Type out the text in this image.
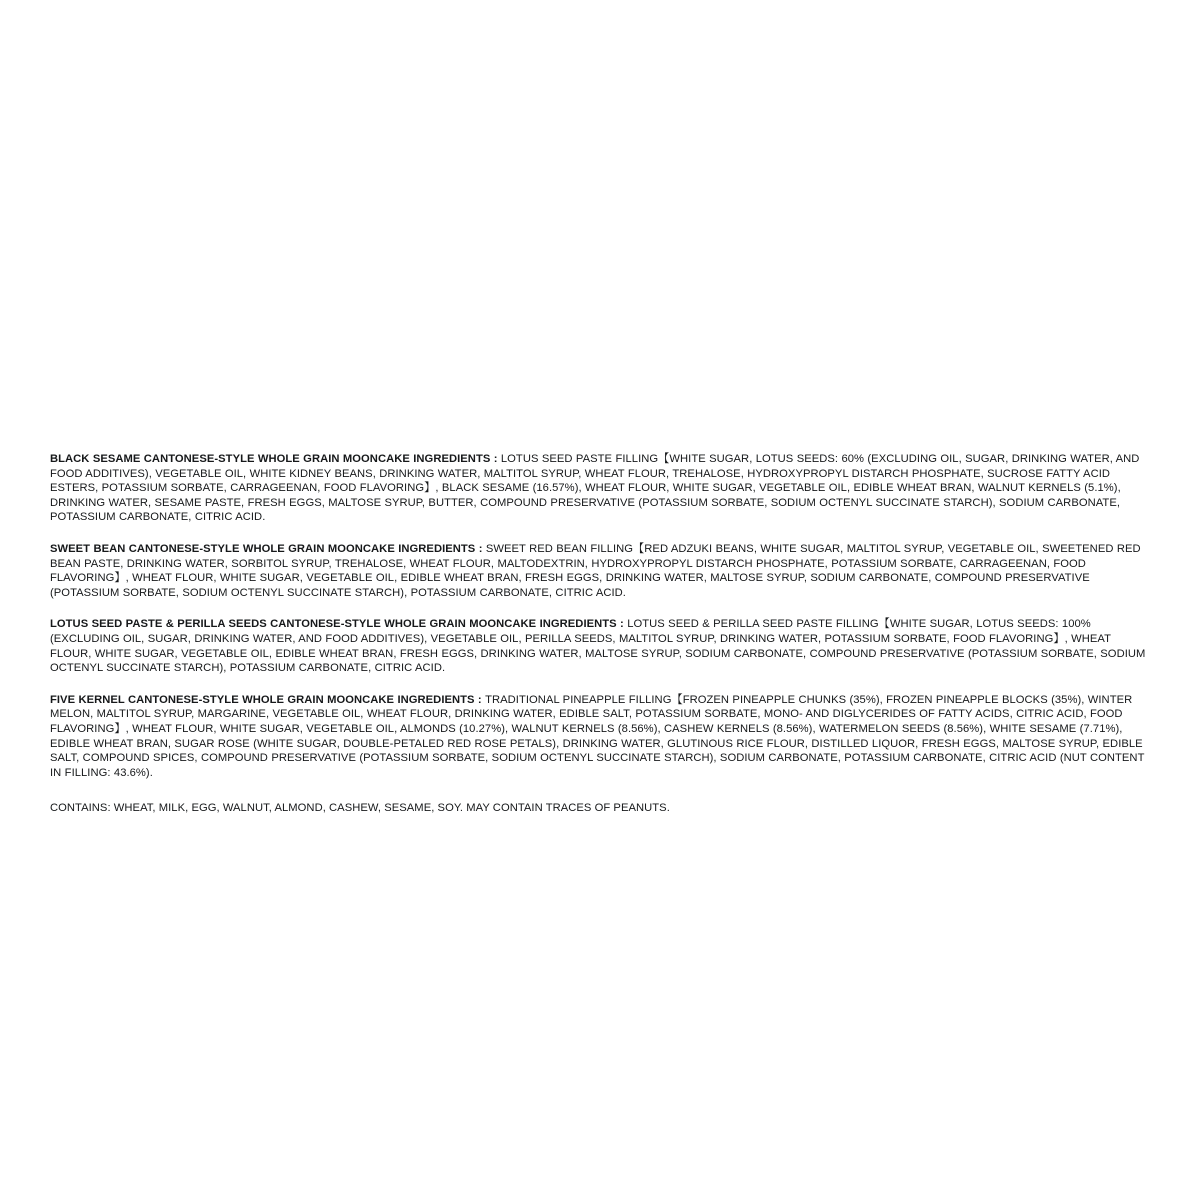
BLACK SESAME CANTONESE-STYLE WHOLE GRAIN MOONCAKE INGREDIENTS : LOTUS SEED PASTE FILLING【WHITE SUGAR, LOTUS SEEDS: 60% (EXCLUDING OIL, SUGAR, DRINKING WATER, AND FOOD ADDITIVES), VEGETABLE OIL, WHITE KIDNEY BEANS, DRINKING WATER, MALTITOL SYRUP, WHEAT FLOUR, TREHALOSE, HYDROXYPROPYL DISTARCH PHOSPHATE, SUCROSE FATTY ACID ESTERS, POTASSIUM SORBATE, CARRAGEENAN, FOOD FLAVORING】, BLACK SESAME (16.57%), WHEAT FLOUR, WHITE SUGAR, VEGETABLE OIL, EDIBLE WHEAT BRAN, WALNUT KERNELS (5.1%), DRINKING WATER, SESAME PASTE, FRESH EGGS, MALTOSE SYRUP, BUTTER, COMPOUND PRESERVATIVE (POTASSIUM SORBATE, SODIUM OCTENYL SUCCINATE STARCH), SODIUM CARBONATE, POTASSIUM CARBONATE, CITRIC ACID.

SWEET BEAN CANTONESE-STYLE WHOLE GRAIN MOONCAKE INGREDIENTS : SWEET RED BEAN FILLING【RED ADZUKI BEANS, WHITE SUGAR, MALTITOL SYRUP, VEGETABLE OIL, SWEETENED RED BEAN PASTE, DRINKING WATER, SORBITOL SYRUP, TREHALOSE, WHEAT FLOUR, MALTODEXTRIN, HYDROXYPROPYL DISTARCH PHOSPHATE, POTASSIUM SORBATE, CARRAGEENAN, FOOD FLAVORING】, WHEAT FLOUR, WHITE SUGAR, VEGETABLE OIL, EDIBLE WHEAT BRAN, FRESH EGGS, DRINKING WATER, MALTOSE SYRUP, SODIUM CARBONATE, COMPOUND PRESERVATIVE (POTASSIUM SORBATE, SODIUM OCTENYL SUCCINATE STARCH), POTASSIUM CARBONATE, CITRIC ACID.

LOTUS SEED PASTE & PERILLA SEEDS CANTONESE-STYLE WHOLE GRAIN MOONCAKE INGREDIENTS : LOTUS SEED & PERILLA SEED PASTE FILLING【WHITE SUGAR, LOTUS SEEDS: 100% (EXCLUDING OIL, SUGAR, DRINKING WATER, AND FOOD ADDITIVES), VEGETABLE OIL, PERILLA SEEDS, MALTITOL SYRUP, DRINKING WATER, POTASSIUM SORBATE, FOOD FLAVORING】, WHEAT FLOUR, WHITE SUGAR, VEGETABLE OIL, EDIBLE WHEAT BRAN, FRESH EGGS, DRINKING WATER, MALTOSE SYRUP, SODIUM CARBONATE, COMPOUND PRESERVATIVE (POTASSIUM SORBATE, SODIUM OCTENYL SUCCINATE STARCH), POTASSIUM CARBONATE, CITRIC ACID.

FIVE KERNEL CANTONESE-STYLE WHOLE GRAIN MOONCAKE INGREDIENTS : TRADITIONAL PINEAPPLE FILLING【FROZEN PINEAPPLE CHUNKS (35%), FROZEN PINEAPPLE BLOCKS (35%), WINTER MELON, MALTITOL SYRUP, MARGARINE, VEGETABLE OIL, WHEAT FLOUR, DRINKING WATER, EDIBLE SALT, POTASSIUM SORBATE, MONO- AND DIGLYCERIDES OF FATTY ACIDS, CITRIC ACID, FOOD FLAVORING】, WHEAT FLOUR, WHITE SUGAR, VEGETABLE OIL, ALMONDS (10.27%), WALNUT KERNELS (8.56%), CASHEW KERNELS (8.56%), WATERMELON SEEDS (8.56%), WHITE SESAME (7.71%), EDIBLE WHEAT BRAN, SUGAR ROSE (WHITE SUGAR, DOUBLE-PETALED RED ROSE PETALS), DRINKING WATER, GLUTINOUS RICE FLOUR, DISTILLED LIQUOR, FRESH EGGS, MALTOSE SYRUP, EDIBLE SALT, COMPOUND SPICES, COMPOUND PRESERVATIVE (POTASSIUM SORBATE, SODIUM OCTENYL SUCCINATE STARCH), SODIUM CARBONATE, POTASSIUM CARBONATE, CITRIC ACID (NUT CONTENT IN FILLING: 43.6%).

CONTAINS: WHEAT, MILK, EGG, WALNUT, ALMOND, CASHEW, SESAME, SOY. MAY CONTAIN TRACES OF PEANUTS.
